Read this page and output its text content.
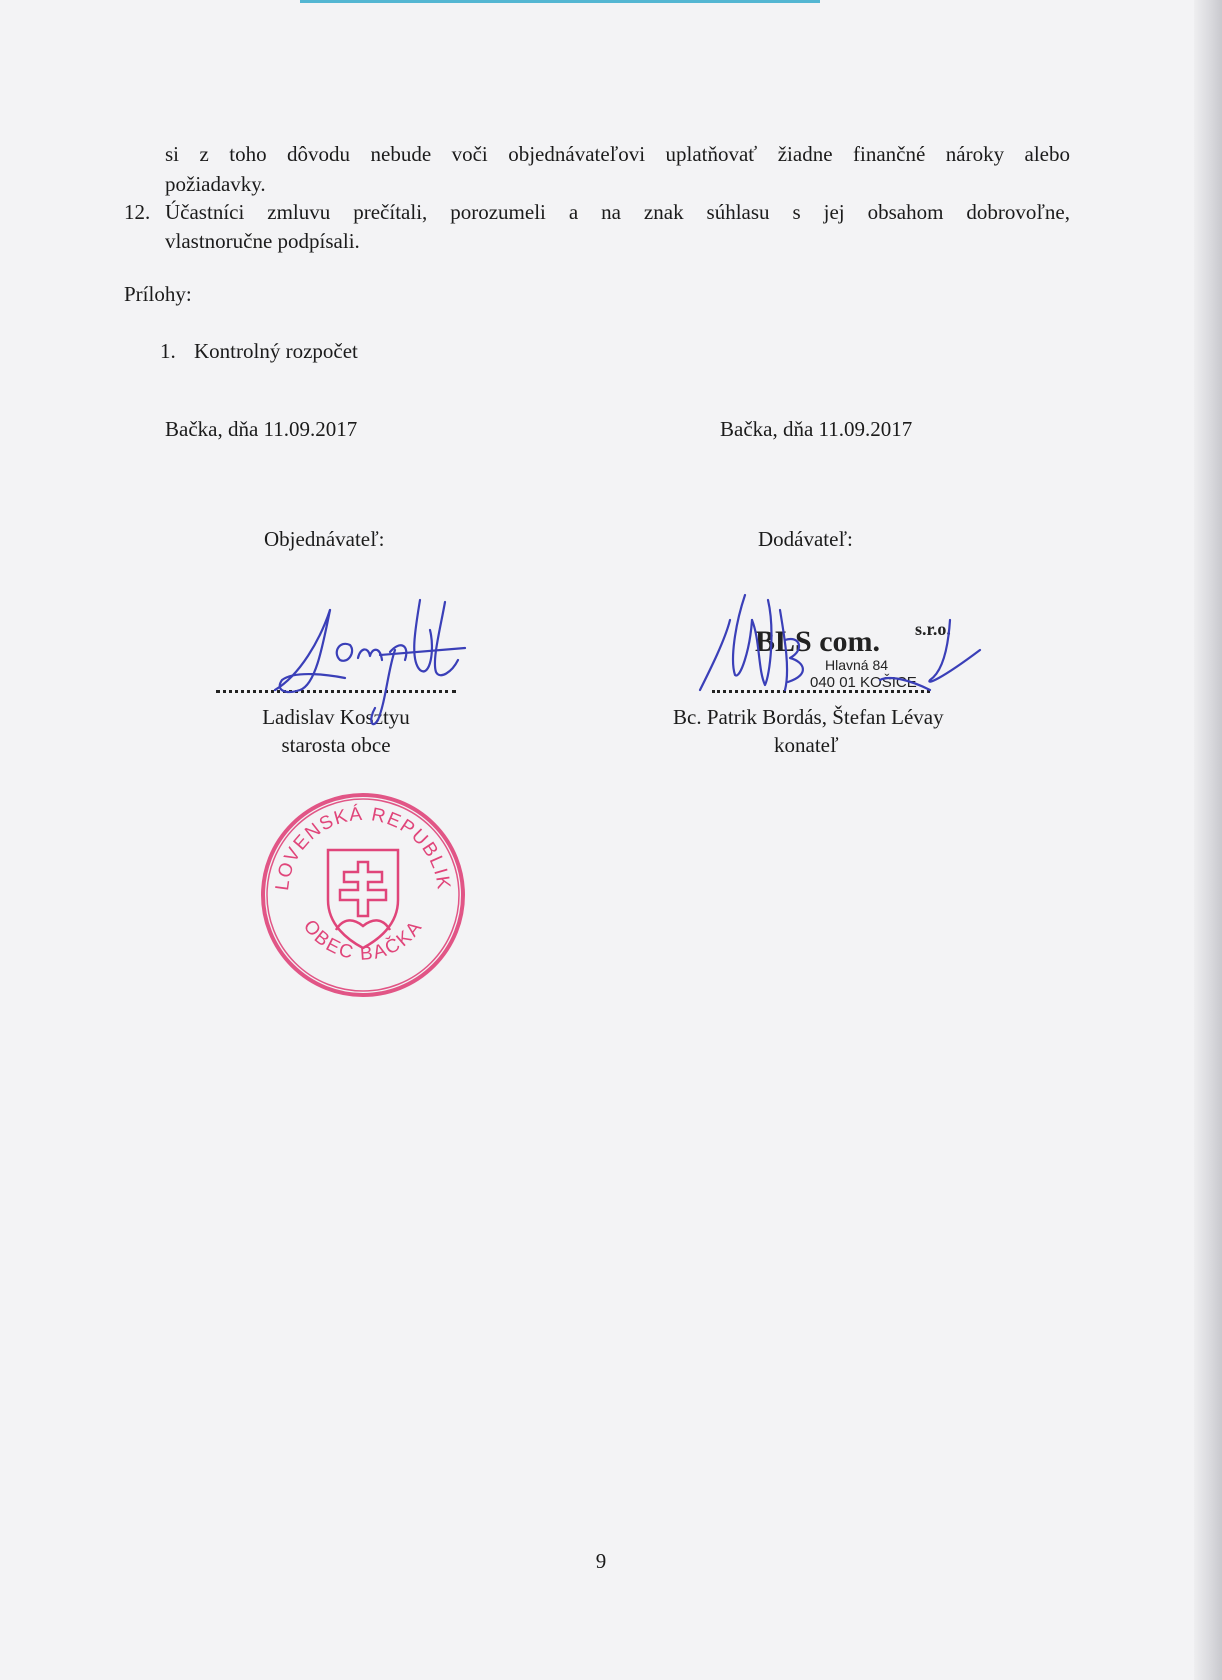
si z toho dôvodu nebude voči objednávateľovi uplatňovať žiadne finančné nároky alebo
požiadavky.
12. Účastníci zmluvu prečítali, porozumeli a na znak súhlasu s jej obsahom dobrovoľne,
vlastnoručne podpísali.
Prílohy:
1. Kontrolný rozpočet
Bačka, dňa 11.09.2017	Bačka, dňa 11.09.2017
Objednávateľ:	Dodávateľ:
Ladislav Kosztyu
starosta obce
Bc. Patrik Bordás, Štefan Lévay
konateľ
BLS com. s.r.o.
Hlavná 84
040 01 KOŠICE
SLOVENSKÁ REPUBLIKA
OBEC BAČKA
9
